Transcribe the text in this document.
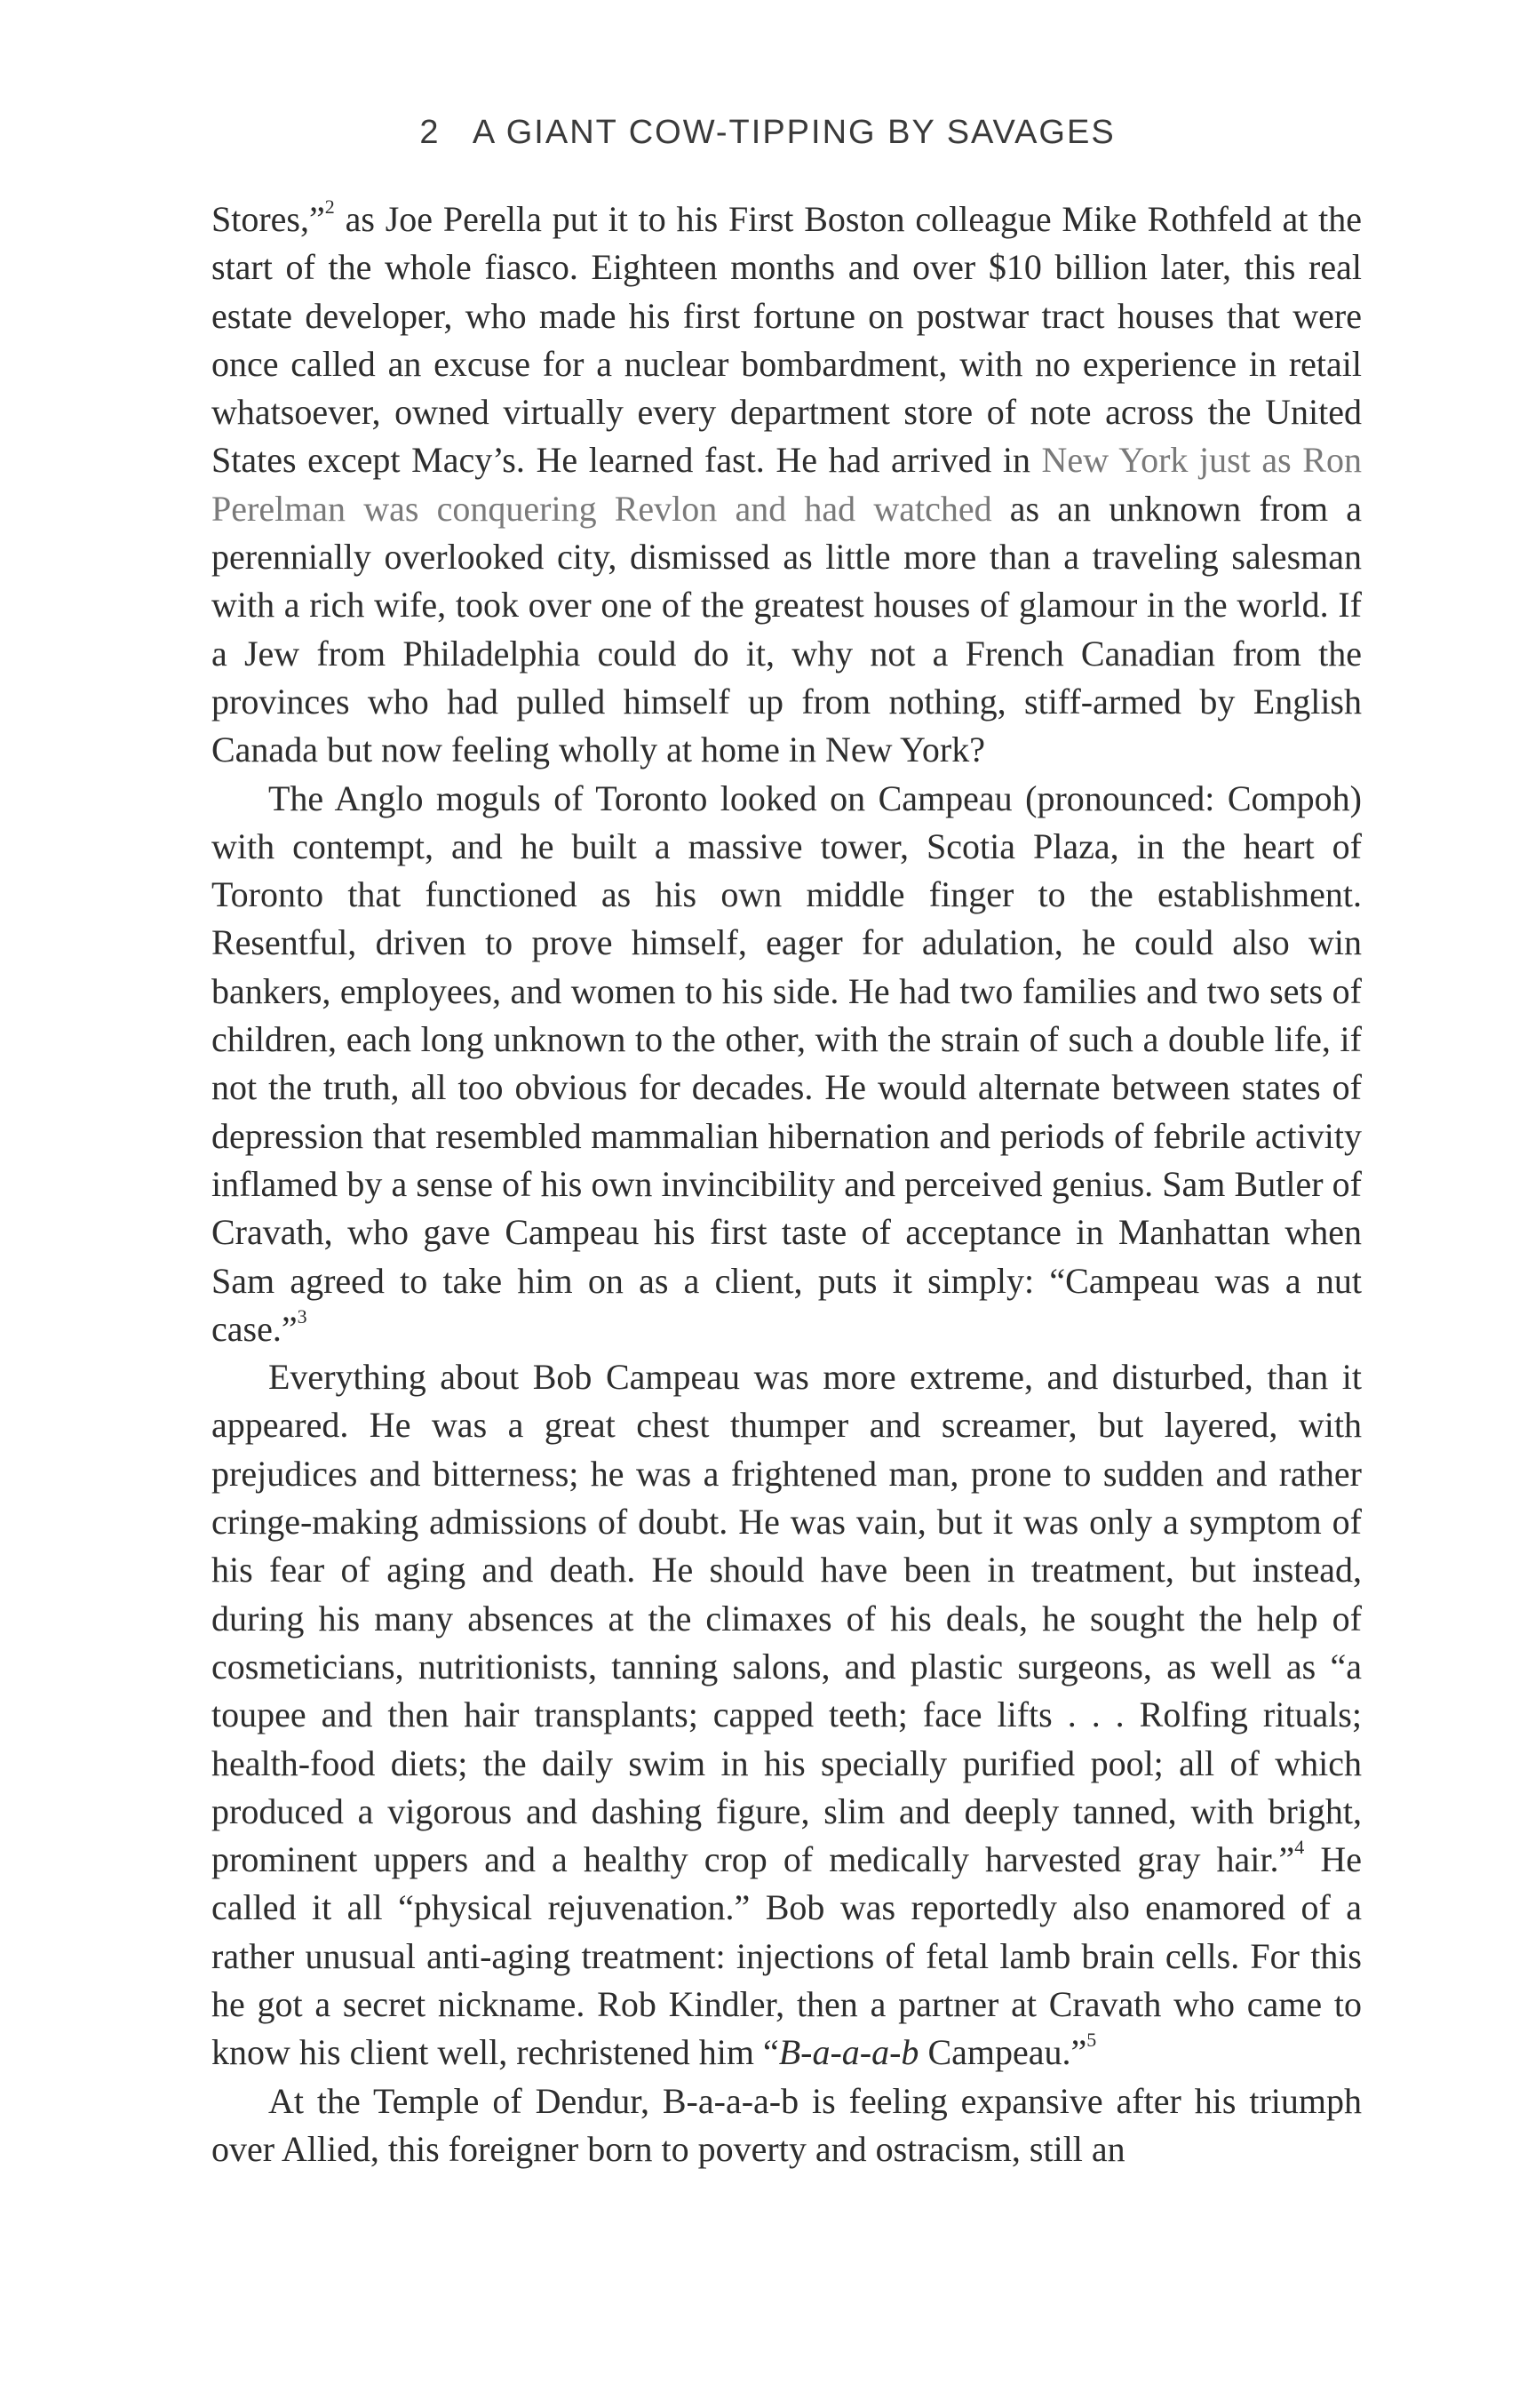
2 A GIANT COW-TIPPING BY SAVAGES

Stores,”$^2$ as Joe Perella put it to his First Boston colleague Mike Rothfeld at the start of the whole fiasco. Eighteen months and over $10 billion later, this real estate developer, who made his first fortune on postwar tract houses that were once called an excuse for a nuclear bombardment, with no experience in retail whatsoever, owned virtually every department store of note across the United States except Macy’s. He learned fast. He had arrived in New York just as Ron Perelman was conquering Revlon and had watched as an unknown from a perennially overlooked city, dismissed as little more than a traveling salesman with a rich wife, took over one of the greatest houses of glamour in the world. If a Jew from Philadelphia could do it, why not a French Canadian from the provinces who had pulled himself up from nothing, stiff-armed by English Canada but now feeling wholly at home in New York?

The Anglo moguls of Toronto looked on Campeau (pronounced: Compoh) with contempt, and he built a massive tower, Scotia Plaza, in the heart of Toronto that functioned as his own middle finger to the establishment. Resentful, driven to prove himself, eager for adulation, he could also win bankers, employees, and women to his side. He had two families and two sets of children, each long unknown to the other, with the strain of such a double life, if not the truth, all too obvious for decades. He would alternate between states of depression that resembled mammalian hibernation and periods of febrile activity inflamed by a sense of his own invincibility and perceived genius. Sam Butler of Cravath, who gave Campeau his first taste of acceptance in Manhattan when Sam agreed to take him on as a client, puts it simply: “Campeau was a nut case.”$^3$

Everything about Bob Campeau was more extreme, and disturbed, than it appeared. He was a great chest thumper and screamer, but layered, with prejudices and bitterness; he was a frightened man, prone to sudden and rather cringe-making admissions of doubt. He was vain, but it was only a symptom of his fear of aging and death. He should have been in treatment, but instead, during his many absences at the climaxes of his deals, he sought the help of cosmeticians, nutritionists, tanning salons, and plastic surgeons, as well as “a toupee and then hair transplants; capped teeth; face lifts . . . Rolfing rituals; health-food diets; the daily swim in his specially purified pool; all of which produced a vigorous and dashing figure, slim and deeply tanned, with bright, prominent uppers and a healthy crop of medically harvested gray hair.”$^4$ He called it all “physical rejuvenation.” Bob was reportedly also enamored of a rather unusual anti-aging treatment: injections of fetal lamb brain cells. For this he got a secret nickname. Rob Kindler, then a partner at Cravath who came to know his client well, rechristened him “B-a-a-a-b Campeau.”$^5$

At the Temple of Dendur, B-a-a-a-b is feeling expansive after his triumph over Allied, this foreigner born to poverty and ostracism, still an
